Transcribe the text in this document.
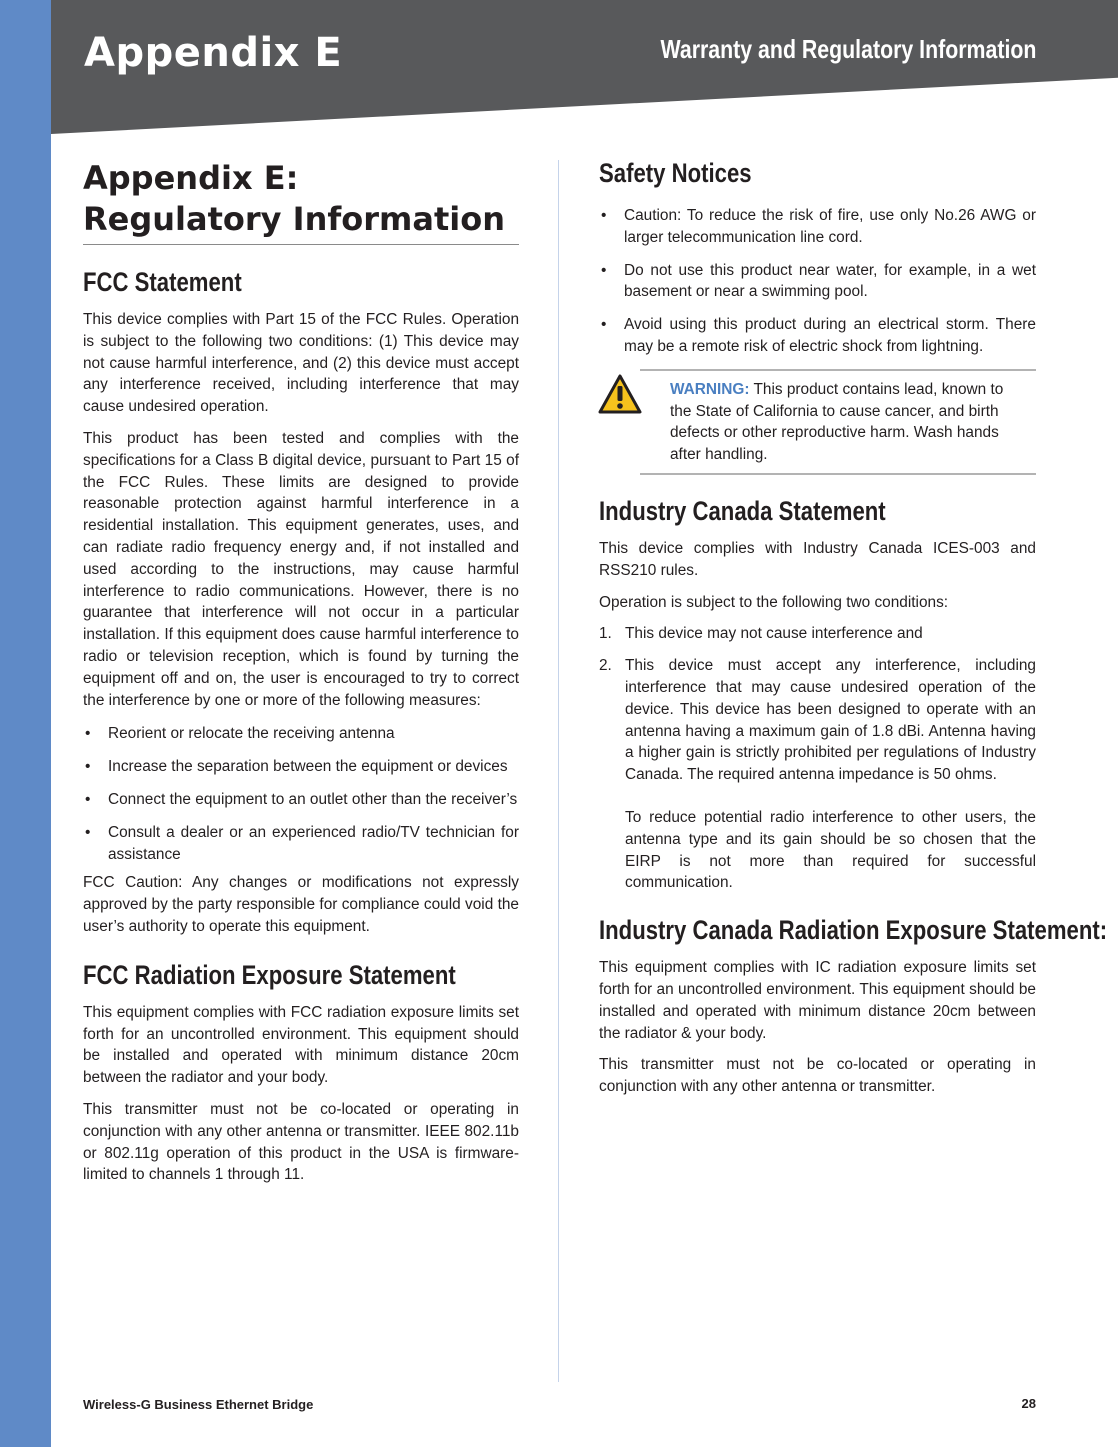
Appendix E	Warranty and Regulatory Information
Appendix E:
Regulatory Information
FCC Statement

This device complies with Part 15 of the FCC Rules. Operation is subject to the following two conditions: (1) This device may not cause harmful interference, and (2) this device must accept any interference received, including interference that may cause undesired operation.

This product has been tested and complies with the specifications for a Class B digital device, pursuant to Part 15 of the FCC Rules. These limits are designed to provide reasonable protection against harmful interference in a residential installation. This equipment generates, uses, and can radiate radio frequency energy and, if not installed and used according to the instructions, may cause harmful interference to radio communications. However, there is no guarantee that interference will not occur in a particular installation. If this equipment does cause harmful interference to radio or television reception, which is found by turning the equipment off and on, the user is encouraged to try to correct the interference by one or more of the following measures:

• Reorient or relocate the receiving antenna
• Increase the separation between the equipment or devices
• Connect the equipment to an outlet other than the receiver’s
• Consult a dealer or an experienced radio/TV technician for assistance

FCC Caution: Any changes or modifications not expressly approved by the party responsible for compliance could void the user’s authority to operate this equipment.

FCC Radiation Exposure Statement

This equipment complies with FCC radiation exposure limits set forth for an uncontrolled environment. This equipment should be installed and operated with minimum distance 20cm between the radiator and your body.

This transmitter must not be co-located or operating in conjunction with any other antenna or transmitter. IEEE 802.11b or 802.11g operation of this product in the USA is firmware-limited to channels 1 through 11.

Safety Notices
• Caution: To reduce the risk of fire, use only No.26 AWG or larger telecommunication line cord.
• Do not use this product near water, for example, in a wet basement or near a swimming pool.
• Avoid using this product during an electrical storm. There may be a remote risk of electric shock from lightning.

WARNING: This product contains lead, known to the State of California to cause cancer, and birth defects or other reproductive harm. Wash hands after handling.

Industry Canada Statement

This device complies with Industry Canada ICES-003 and RSS210 rules.

Operation is subject to the following two conditions:

1. This device may not cause interference and
2. This device must accept any interference, including interference that may cause undesired operation of the device. This device has been designed to operate with an antenna having a maximum gain of 1.8 dBi. Antenna having a higher gain is strictly prohibited per regulations of Industry Canada. The required antenna impedance is 50 ohms.
To reduce potential radio interference to other users, the antenna type and its gain should be so chosen that the EIRP is not more than required for successful communication.
Industry Canada Radiation Exposure Statement:

This equipment complies with IC radiation exposure limits set forth for an uncontrolled environment. This equipment should be installed and operated with minimum distance 20cm between the radiator & your body.

This transmitter must not be co-located or operating in conjunction with any other antenna or transmitter.

Wireless-G Business Ethernet Bridge	28
